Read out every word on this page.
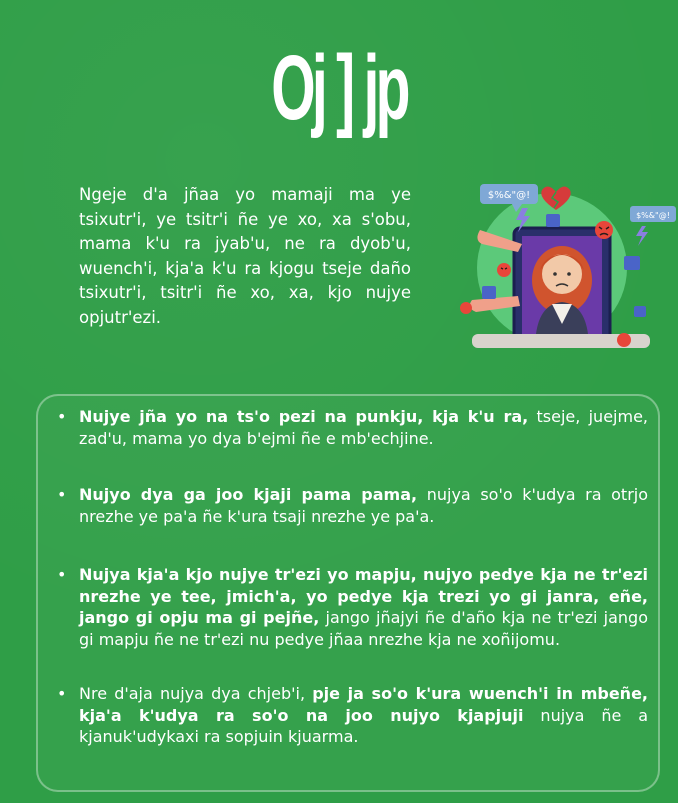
Oj ] jp
Ngeje d'a jñaa yo mamaji ma ye tsixutr'i, ye tsitr'i ñe ye xo, xa s'obu, mama k'u ra jyab'u, ne ra dyob'u, wuench'i, kja'a k'u ra kjogu tseje daño tsixutr'i, tsitr'i ñe xo, xa, kjo nujye opjutr'ezi.
$%&"@!
$%&"@!
• Nujye jña yo na ts'o pezi na punkju, kja k'u ra, tseje, juejme, zad'u, mama yo dya b'ejmi ñe e mb'echjine.
• Nujyo dya ga joo kjaji pama pama, nujya so'o k'udya ra otrjo nrezhe ye pa'a ñe k'ura tsaji nrezhe ye pa'a.
• Nujya kja'a kjo nujye tr'ezi yo mapju, nujyo pedye kja ne tr'ezi nrezhe ye tee, jmich'a, yo pedye kja trezi yo gi janra, eñe, jango gi opju ma gi pejñe, jango jñajyi ñe d'año kja ne tr'ezi jango gi mapju ñe ne tr'ezi nu pedye jñaa nrezhe kja ne xoñijomu.
• Nre d'aja nujya dya chjeb'i, pje ja so'o k'ura wuench'i in mbeñe, kja'a k'udya ra so'o na joo nujyo kjapjuji nujya ñe a kjanuk'udykaxi ra sopjuin kjuarma.
